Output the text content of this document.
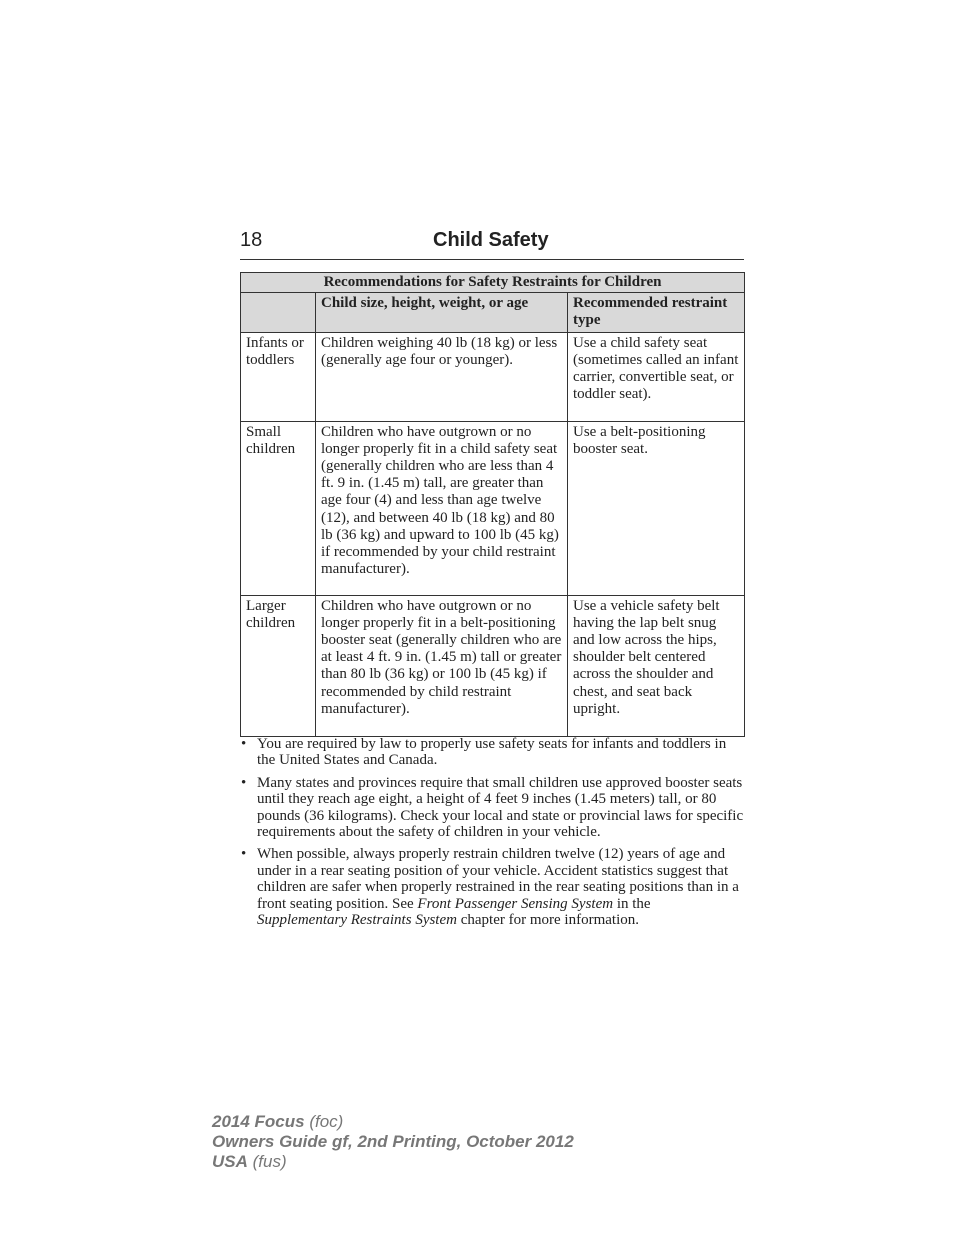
18	Child Safety
Recommendations for Safety Restraints for Children		
	Child size, height, weight, or age	Recommended restraint type
Infants or toddlers	Children weighing 40 lb (18 kg) or less (generally age four or younger).	Use a child safety seat (sometimes called an infant carrier, convertible seat, or toddler seat).
Small children	Children who have outgrown or no longer properly fit in a child safety seat (generally children who are less than 4 ft. 9 in. (1.45 m) tall, are greater than age four (4) and less than age twelve (12), and between 40 lb (18 kg) and 80 lb (36 kg) and upward to 100 lb (45 kg) if recommended by your child restraint manufacturer).	Use a belt-positioning booster seat.
Larger children	Children who have outgrown or no longer properly fit in a belt-positioning booster seat (generally children who are at least 4 ft. 9 in. (1.45 m) tall or greater than 80 lb (36 kg) or 100 lb (45 kg) if recommended by child restraint manufacturer).	Use a vehicle safety belt having the lap belt snug and low across the hips, shoulder belt centered across the shoulder and chest, and seat back upright.
• You are required by law to properly use safety seats for infants and toddlers in the United States and Canada.
• Many states and provinces require that small children use approved booster seats until they reach age eight, a height of 4 feet 9 inches (1.45 meters) tall, or 80 pounds (36 kilograms). Check your local and state or provincial laws for specific requirements about the safety of children in your vehicle.
• When possible, always properly restrain children twelve (12) years of age and under in a rear seating position of your vehicle. Accident statistics suggest that children are safer when properly restrained in the rear seating positions than in a front seating position. See Front Passenger Sensing System in the Supplementary Restraints System chapter for more information.
2014 Focus (foc)
Owners Guide gf, 2nd Printing, October 2012
USA (fus)
